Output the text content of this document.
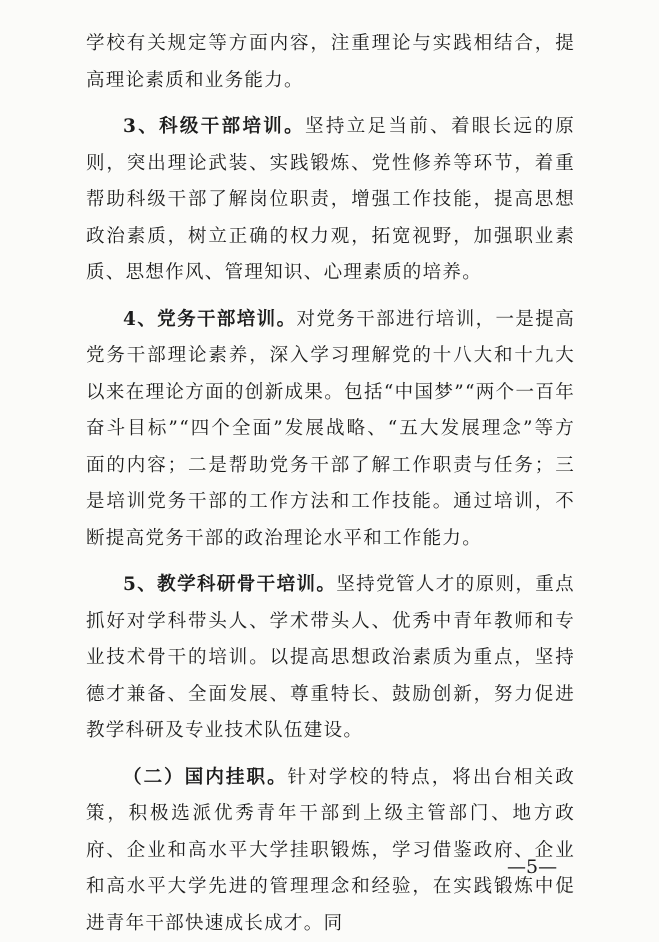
学校有关规定等方面内容，注重理论与实践相结合，提高理论素质和业务能力。

3、科级干部培训。坚持立足当前、着眼长远的原则，突出理论武装、实践锻炼、党性修养等环节，着重帮助科级干部了解岗位职责，增强工作技能，提高思想政治素质，树立正确的权力观，拓宽视野，加强职业素质、思想作风、管理知识、心理素质的培养。

4、党务干部培训。对党务干部进行培训，一是提高党务干部理论素养，深入学习理解党的十八大和十九大以来在理论方面的创新成果。包括“中国梦”“两个一百年奋斗目标”“四个全面”发展战略、“五大发展理念”等方面的内容；二是帮助党务干部了解工作职责与任务；三是培训党务干部的工作方法和工作技能。通过培训，不断提高党务干部的政治理论水平和工作能力。

5、教学科研骨干培训。坚持党管人才的原则，重点抓好对学科带头人、学术带头人、优秀中青年教师和专业技术骨干的培训。以提高思想政治素质为重点，坚持德才兼备、全面发展、尊重特长、鼓励创新，努力促进教学科研及专业技术队伍建设。

（二）国内挂职。针对学校的特点，将出台相关政策，积极选派优秀青年干部到上级主管部门、地方政府、企业和高水平大学挂职锻炼，学习借鉴政府、企业和高水平大学先进的管理理念和经验，在实践锻炼中促进青年干部快速成长成才。同

—5—
